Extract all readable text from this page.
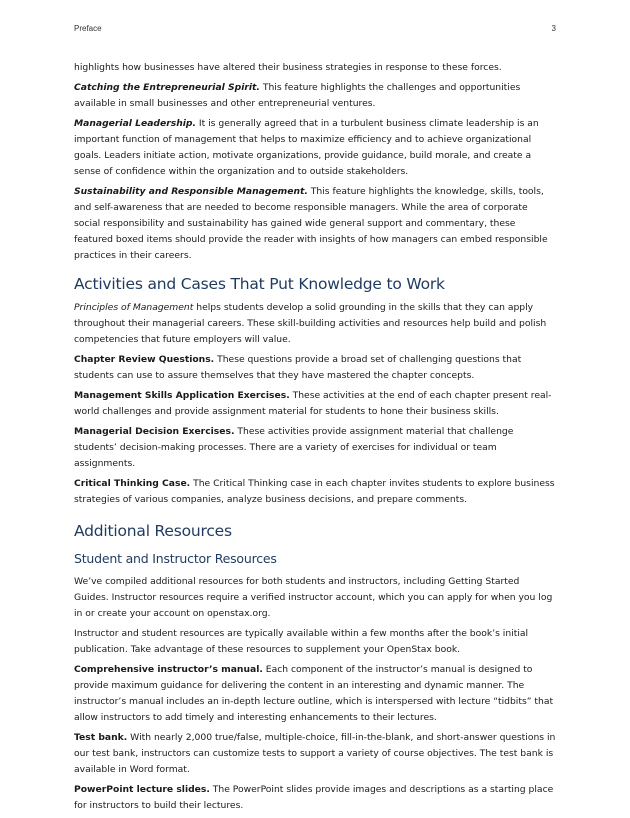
Preface	3

highlights how businesses have altered their business strategies in response to these forces.

Catching the Entrepreneurial Spirit. This feature highlights the challenges and opportunities available in small businesses and other entrepreneurial ventures.

Managerial Leadership. It is generally agreed that in a turbulent business climate leadership is an important function of management that helps to maximize efficiency and to achieve organizational goals. Leaders initiate action, motivate organizations, provide guidance, build morale, and create a sense of confidence within the organization and to outside stakeholders.

Sustainability and Responsible Management. This feature highlights the knowledge, skills, tools, and self-awareness that are needed to become responsible managers. While the area of corporate social responsibility and sustainability has gained wide general support and commentary, these featured boxed items should provide the reader with insights of how managers can embed responsible practices in their careers.

Activities and Cases That Put Knowledge to Work

Principles of Management helps students develop a solid grounding in the skills that they can apply throughout their managerial careers. These skill-building activities and resources help build and polish competencies that future employers will value.

Chapter Review Questions. These questions provide a broad set of challenging questions that students can use to assure themselves that they have mastered the chapter concepts.

Management Skills Application Exercises. These activities at the end of each chapter present real-world challenges and provide assignment material for students to hone their business skills.

Managerial Decision Exercises. These activities provide assignment material that challenge students’ decision-making processes. There are a variety of exercises for individual or team assignments.

Critical Thinking Case. The Critical Thinking case in each chapter invites students to explore business strategies of various companies, analyze business decisions, and prepare comments.

Additional Resources
Student and Instructor Resources

We’ve compiled additional resources for both students and instructors, including Getting Started Guides. Instructor resources require a verified instructor account, which you can apply for when you log in or create your account on openstax.org.

Instructor and student resources are typically available within a few months after the book’s initial publication. Take advantage of these resources to supplement your OpenStax book.

Comprehensive instructor’s manual. Each component of the instructor’s manual is designed to provide maximum guidance for delivering the content in an interesting and dynamic manner. The instructor’s manual includes an in-depth lecture outline, which is interspersed with lecture “tidbits” that allow instructors to add timely and interesting enhancements to their lectures.

Test bank. With nearly 2,000 true/false, multiple-choice, fill-in-the-blank, and short-answer questions in our test bank, instructors can customize tests to support a variety of course objectives. The test bank is available in Word format.

PowerPoint lecture slides. The PowerPoint slides provide images and descriptions as a starting place for instructors to build their lectures.
